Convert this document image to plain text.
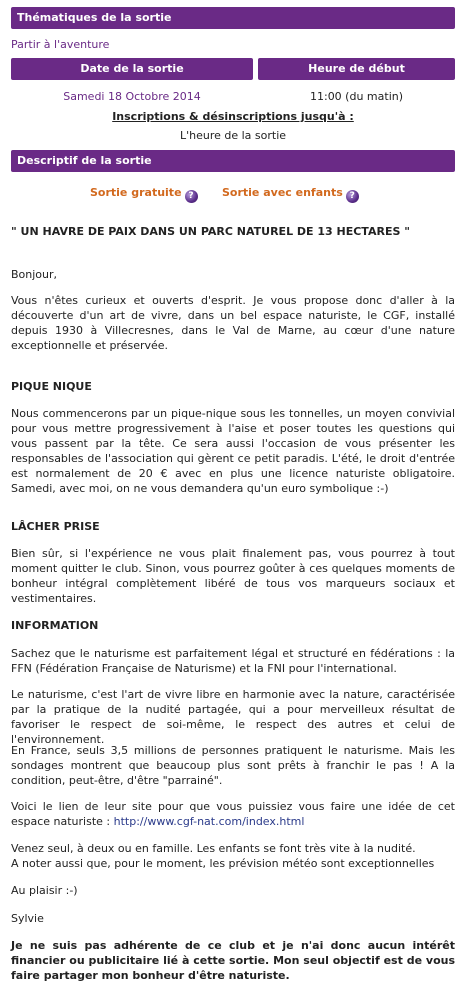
Thématiques de la sortie
Partir à l'aventure
Date de la sortie	Heure de début
Samedi 18 Octobre 2014	11:00 (du matin)
Inscriptions & désinscriptions jusqu'à :
L'heure de la sortie
Descriptif de la sortie
Sortie gratuite ?	Sortie avec enfants ?

" UN HAVRE DE PAIX DANS UN PARC NATUREL DE 13 HECTARES "

Bonjour,

Vous n'êtes curieux et ouverts d'esprit. Je vous propose donc d'aller à la découverte d'un art de vivre, dans un bel espace naturiste, le CGF, installé depuis 1930 à Villecresnes, dans le Val de Marne, au cœur d'une nature exceptionnelle et préservée.

PIQUE NIQUE

Nous commencerons par un pique-nique sous les tonnelles, un moyen convivial pour vous mettre progressivement à l'aise et poser toutes les questions qui vous passent par la tête. Ce sera aussi l'occasion de vous présenter les responsables de l'association qui gèrent ce petit paradis. L'été, le droit d'entrée est normalement de 20 € avec en plus une licence naturiste obligatoire. Samedi, avec moi, on ne vous demandera qu'un euro symbolique :-)

LÂCHER PRISE

Bien sûr, si l'expérience ne vous plait finalement pas, vous pourrez à tout moment quitter le club. Sinon, vous pourrez goûter à ces quelques moments de bonheur intégral complètement libéré de tous vos marqueurs sociaux et vestimentaires.

INFORMATION

Sachez que le naturisme est parfaitement légal et structuré en fédérations : la FFN (Fédération Française de Naturisme) et la FNI pour l'international.

Le naturisme, c'est l'art de vivre libre en harmonie avec la nature, caractérisée par la pratique de la nudité partagée, qui a pour merveilleux résultat de favoriser le respect de soi-même, le respect des autres et celui de l'environnement.

En France, seuls 3,5 millions de personnes pratiquent le naturisme. Mais les sondages montrent que beaucoup plus sont prêts à franchir le pas ! A la condition, peut-être, d'être "parrainé".

Voici le lien de leur site pour que vous puissiez vous faire une idée de cet espace naturiste : http://www.cgf-nat.com/index.html

Venez seul, à deux ou en famille. Les enfants se font très vite à la nudité.

A noter aussi que, pour le moment, les prévision météo sont exceptionnelles

Au plaisir :-)

Sylvie

Je ne suis pas adhérente de ce club et je n'ai donc aucun intérêt financier ou publicitaire lié à cette sortie. Mon seul objectif est de vous faire partager mon bonheur d'être naturiste.
